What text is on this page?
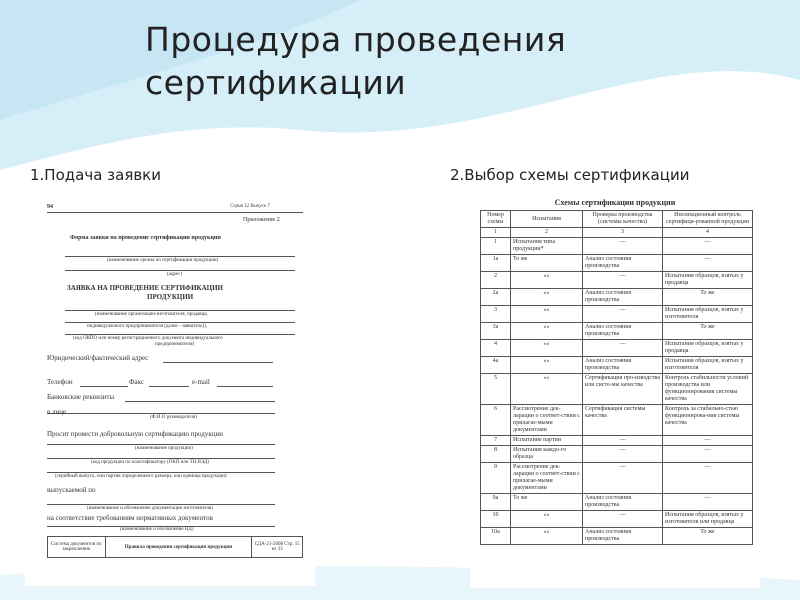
Процедура проведения
сертификации
1.Подача заявки	2.Выбор схемы сертификации
94	Серия 12 Выпуск 7
Приложение 2
Форма заявки на проведение сертификации продукции
(наименование органа по сертификации продукции)
(адрес)
ЗАЯВКА НА ПРОВЕДЕНИЕ СЕРТИФИКАЦИИ
ПРОДУКЦИИ
(наименование организации-изготовителя, продавца,
индивидуального предпринимателя (далее - заявитель)),
(код ОКПО или номер регистрационного документа индивидуального
предпринимателя)
Юридический/фактический адрес
Телефон	Факс	e-mail
Банковские реквизиты
в лице
(Ф.И.О руководителя)
Просит провести добровольную сертификацию продукции
(наименование продукции)
(код продукции по классификатору (ОКП или ТН ВЭД)
(серийный выпуск, или партия определенного размера, или единица продукции)
выпускаемой по
(наименование и обозначение документации изготовителя)
на соответствие требованиям нормативных документов
(наименование и обозначение НД)
Система документов по закреплению	Правила проведения сертификации продукции	СДА-21-2008 Стр. 15 из 33
Схемы сертификации продукции
Номер схемы	Испытания	Проверка производства (системы качества)	Инспекционный контроль сертифици-рованной продукции
1	2	3	4
1	Испытания типа продукции*	—	—
1а	То же	Анализ состояния производства	—
2	«»	—	Испытания образцов, взятых у продавца
2а	«»	Анализ состояния производства	То же
3	«»	—	Испытания образцов, взятых у изготовителя
3а	«»	Анализ состояния производства	То же
4	«»	—	Испытания образцов, взятых у продавца
4а	«»	Анализ состояния производства	Испытания образцов, взятых у изготовителя
5	«»	Сертификация про-изводства или систе-мы качества	Контроль стабильности условий производства или функционирования системы качества
6	Рассмотрение дек-ларации о соответ-ствии с прилагае-мыми документами	Сертификация системы качества	Контроль за стабильно-стью функционирова-ния системы качества
7	Испытание партии	—	—
8	Испытания каждо-го образца	—	—
9	Рассмотрение дек-ларации о соответ-ствии с прилагае-мыми документами	—	—
9а	То же	Анализ состояния производства	—
10	«»	—	Испытания образцов, взятых у изготовителя или продавца
10а	«»	Анализ состояния производства	То же
